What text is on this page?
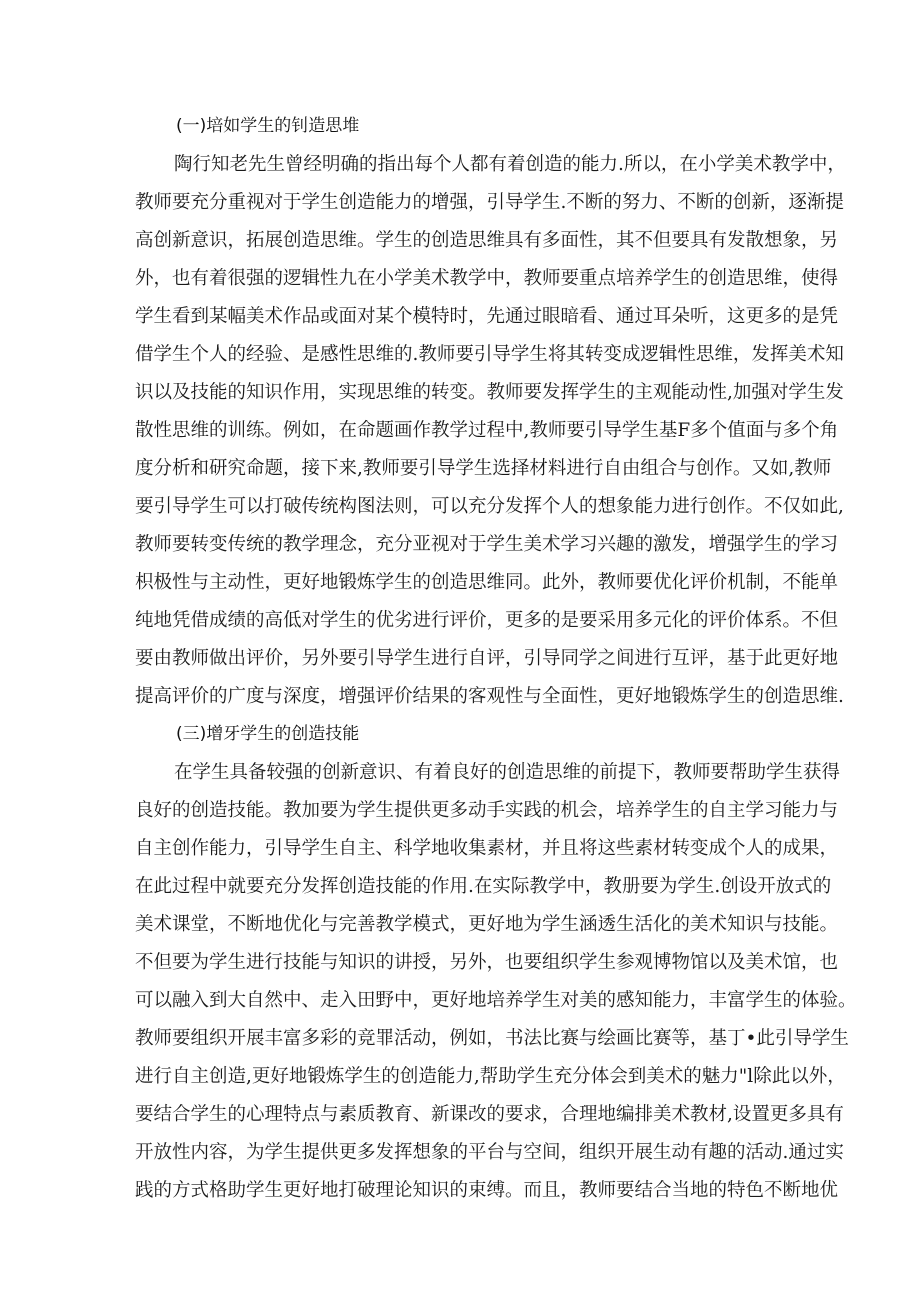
(一)培如学生的钊造思堆
陶行知老先生曾经明确的指出每个人都有着创造的能力.所以，在小学美术教学中，
教师要充分重视对于学生创造能力的增强，引导学生.不断的努力、不断的创新，逐渐提
高创新意识，拓展创造思维。学生的创造思维具有多面性，其不但要具有发散想象，另
外，也有着很强的逻辑性九在小学美术教学中，教师要重点培养学生的创造思维，使得
学生看到某幅美术作品或面对某个模特时，先通过眼暗看、通过耳朵听，这更多的是凭
借学生个人的经验、是感性思维的.教师要引导学生将其转变成逻辑性思维，发挥美术知
识以及技能的知识作用，实现思维的转变。教师要发挥学生的主观能动性,加强对学生发
散性思维的训练。例如，在命题画作教学过程中,教师要引导学生基F多个值面与多个角
度分析和研究命题，接下来,教师要引导学生选择材料进行自由组合与创作。又如,教师
要引导学生可以打破传统构图法则，可以充分发挥个人的想象能力进行创作。不仅如此,
教师要转变传统的教学理念，充分亚视对于学生美术学习兴趣的激发，增强学生的学习
枳极性与主动性，更好地锻炼学生的创造思维同。此外，教师要优化评价机制，不能单
纯地凭借成绩的高低对学生的优劣进行评价，更多的是要采用多元化的评价体系。不但
要由教师做出评价，另外要引导学生进行自评，引导同学之间进行互评，基于此更好地
提高评价的广度与深度，增强评价结果的客观性与全面性，更好地锻炼学生的创造思维.
(三)增牙学生的创造技能
在学生具备较强的创新意识、有着良好的创造思维的前提下，教师要帮助学生获得
良好的创造技能。教加要为学生提供更多动手实践的机会，培养学生的自主学习能力与
自主创作能力，引导学生自主、科学地收集素材，并且将这些素材转变成个人的成果，
在此过程中就要充分发挥创造技能的作用.在实际教学中，教册要为学生.创设开放式的
美术课堂，不断地优化与完善教学模式，更好地为学生涵透生活化的美术知识与技能。
不但要为学生进行技能与知识的讲授，另外，也要组织学生参观博物馆以及美术馆，也
可以融入到大自然中、走入田野中，更好地培养学生对美的感知能力，丰富学生的体验。
教师要组织开展丰富多彩的竞罪活动，例如，书法比赛与绘画比赛等，基丁•此引导学生
进行自主创造,更好地锻炼学生的创造能力,帮助学生充分体会到美术的魅力"l除此以外，
要结合学生的心理特点与素质教育、新课改的要求，合理地编排美术教材,设置更多具有
开放性内容，为学生提供更多发挥想象的平台与空间，组织开展生动有趣的活动.通过实
践的方式格助学生更好地打破理论知识的束缚。而且，教师要结合当地的特色不断地优
